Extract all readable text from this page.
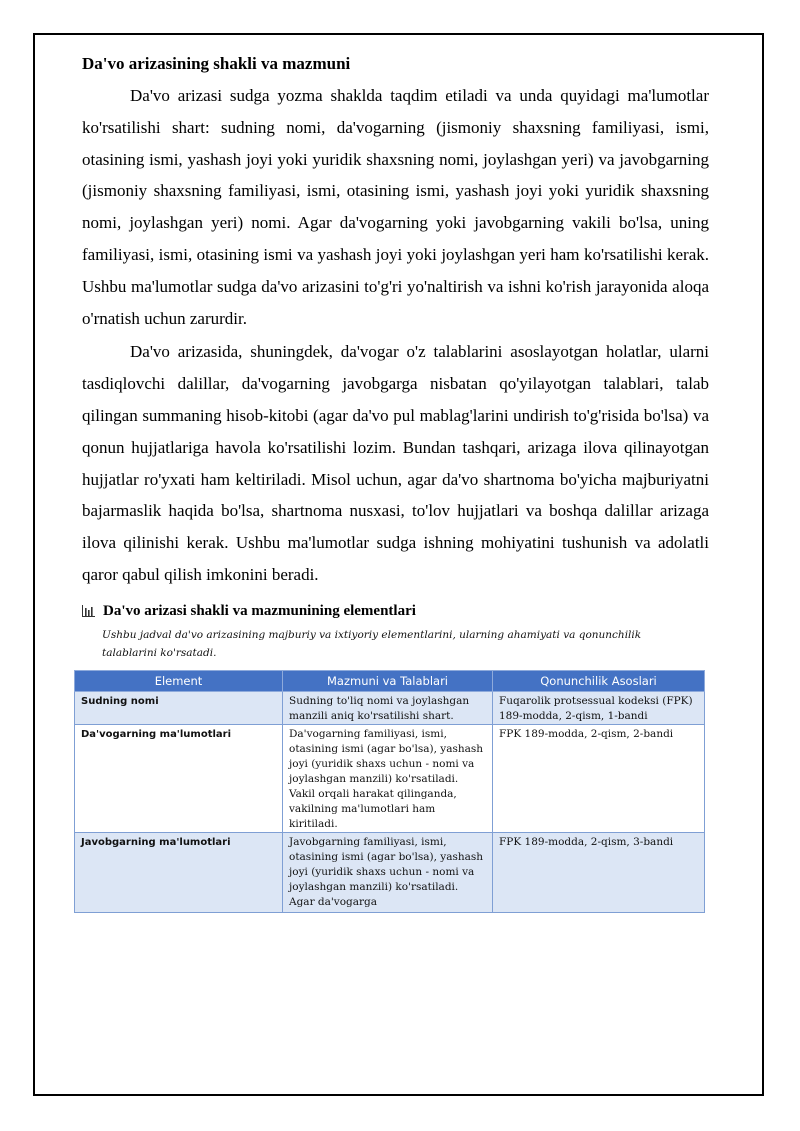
Da'vo arizasining shakli va mazmuni

Da'vo arizasi sudga yozma shaklda taqdim etiladi va unda quyidagi ma'lumotlar ko'rsatilishi shart: sudning nomi, da'vogarning (jismoniy shaxsning familiyasi, ismi, otasining ismi, yashash joyi yoki yuridik shaxsning nomi, joylashgan yeri) va javobgarning (jismoniy shaxsning familiyasi, ismi, otasining ismi, yashash joyi yoki yuridik shaxsning nomi, joylashgan yeri) nomi. Agar da'vogarning yoki javobgarning vakili bo'lsa, uning familiyasi, ismi, otasining ismi va yashash joyi yoki joylashgan yeri ham ko'rsatilishi kerak. Ushbu ma'lumotlar sudga da'vo arizasini to'g'ri yo'naltirish va ishni ko'rish jarayonida aloqa o'rnatish uchun zarurdir.

Da'vo arizasida, shuningdek, da'vogar o'z talablarini asoslayotgan holatlar, ularni tasdiqlovchi dalillar, da'vogarning javobgarga nisbatan qo'yilayotgan talablari, talab qilingan summaning hisob-kitobi (agar da'vo pul mablag'larini undirish to'g'risida bo'lsa) va qonun hujjatlariga havola ko'rsatilishi lozim. Bundan tashqari, arizaga ilova qilinayotgan hujjatlar ro'yxati ham keltiriladi. Misol uchun, agar da'vo shartnoma bo'yicha majburiyatni bajarmaslik haqida bo'lsa, shartnoma nusxasi, to'lov hujjatlari va boshqa dalillar arizaga ilova qilinishi kerak. Ushbu ma'lumotlar sudga ishning mohiyatini tushunish va adolatli qaror qabul qilish imkonini beradi.

Da'vo arizasi shakli va mazmunining elementlari
Ushbu jadval da'vo arizasining majburiy va ixtiyoriy elementlarini, ularning ahamiyati va qonunchilik talablarini ko'rsatadi.
Element	Mazmuni va Talablari	Qonunchilik Asoslari
Sudning nomi	Sudning to'liq nomi va joylashgan manzili aniq ko'rsatilishi shart.	Fuqarolik protsessual kodeksi (FPK) 189-modda, 2-qism, 1-bandi
Da'vogarning ma'lumotlari	Da'vogarning familiyasi, ismi, otasining ismi (agar bo'lsa), yashash joyi (yuridik shaxs uchun - nomi va joylashgan manzili) ko'rsatiladi. Vakil orqali harakat qilinganda, vakilning ma'lumotlari ham kiritiladi.	FPK 189-modda, 2-qism, 2-bandi
Javobgarning ma'lumotlari	Javobgarning familiyasi, ismi, otasining ismi (agar bo'lsa), yashash joyi (yuridik shaxs uchun - nomi va joylashgan manzili) ko'rsatiladi. Agar da'vogarga	FPK 189-modda, 2-qism, 3-bandi
